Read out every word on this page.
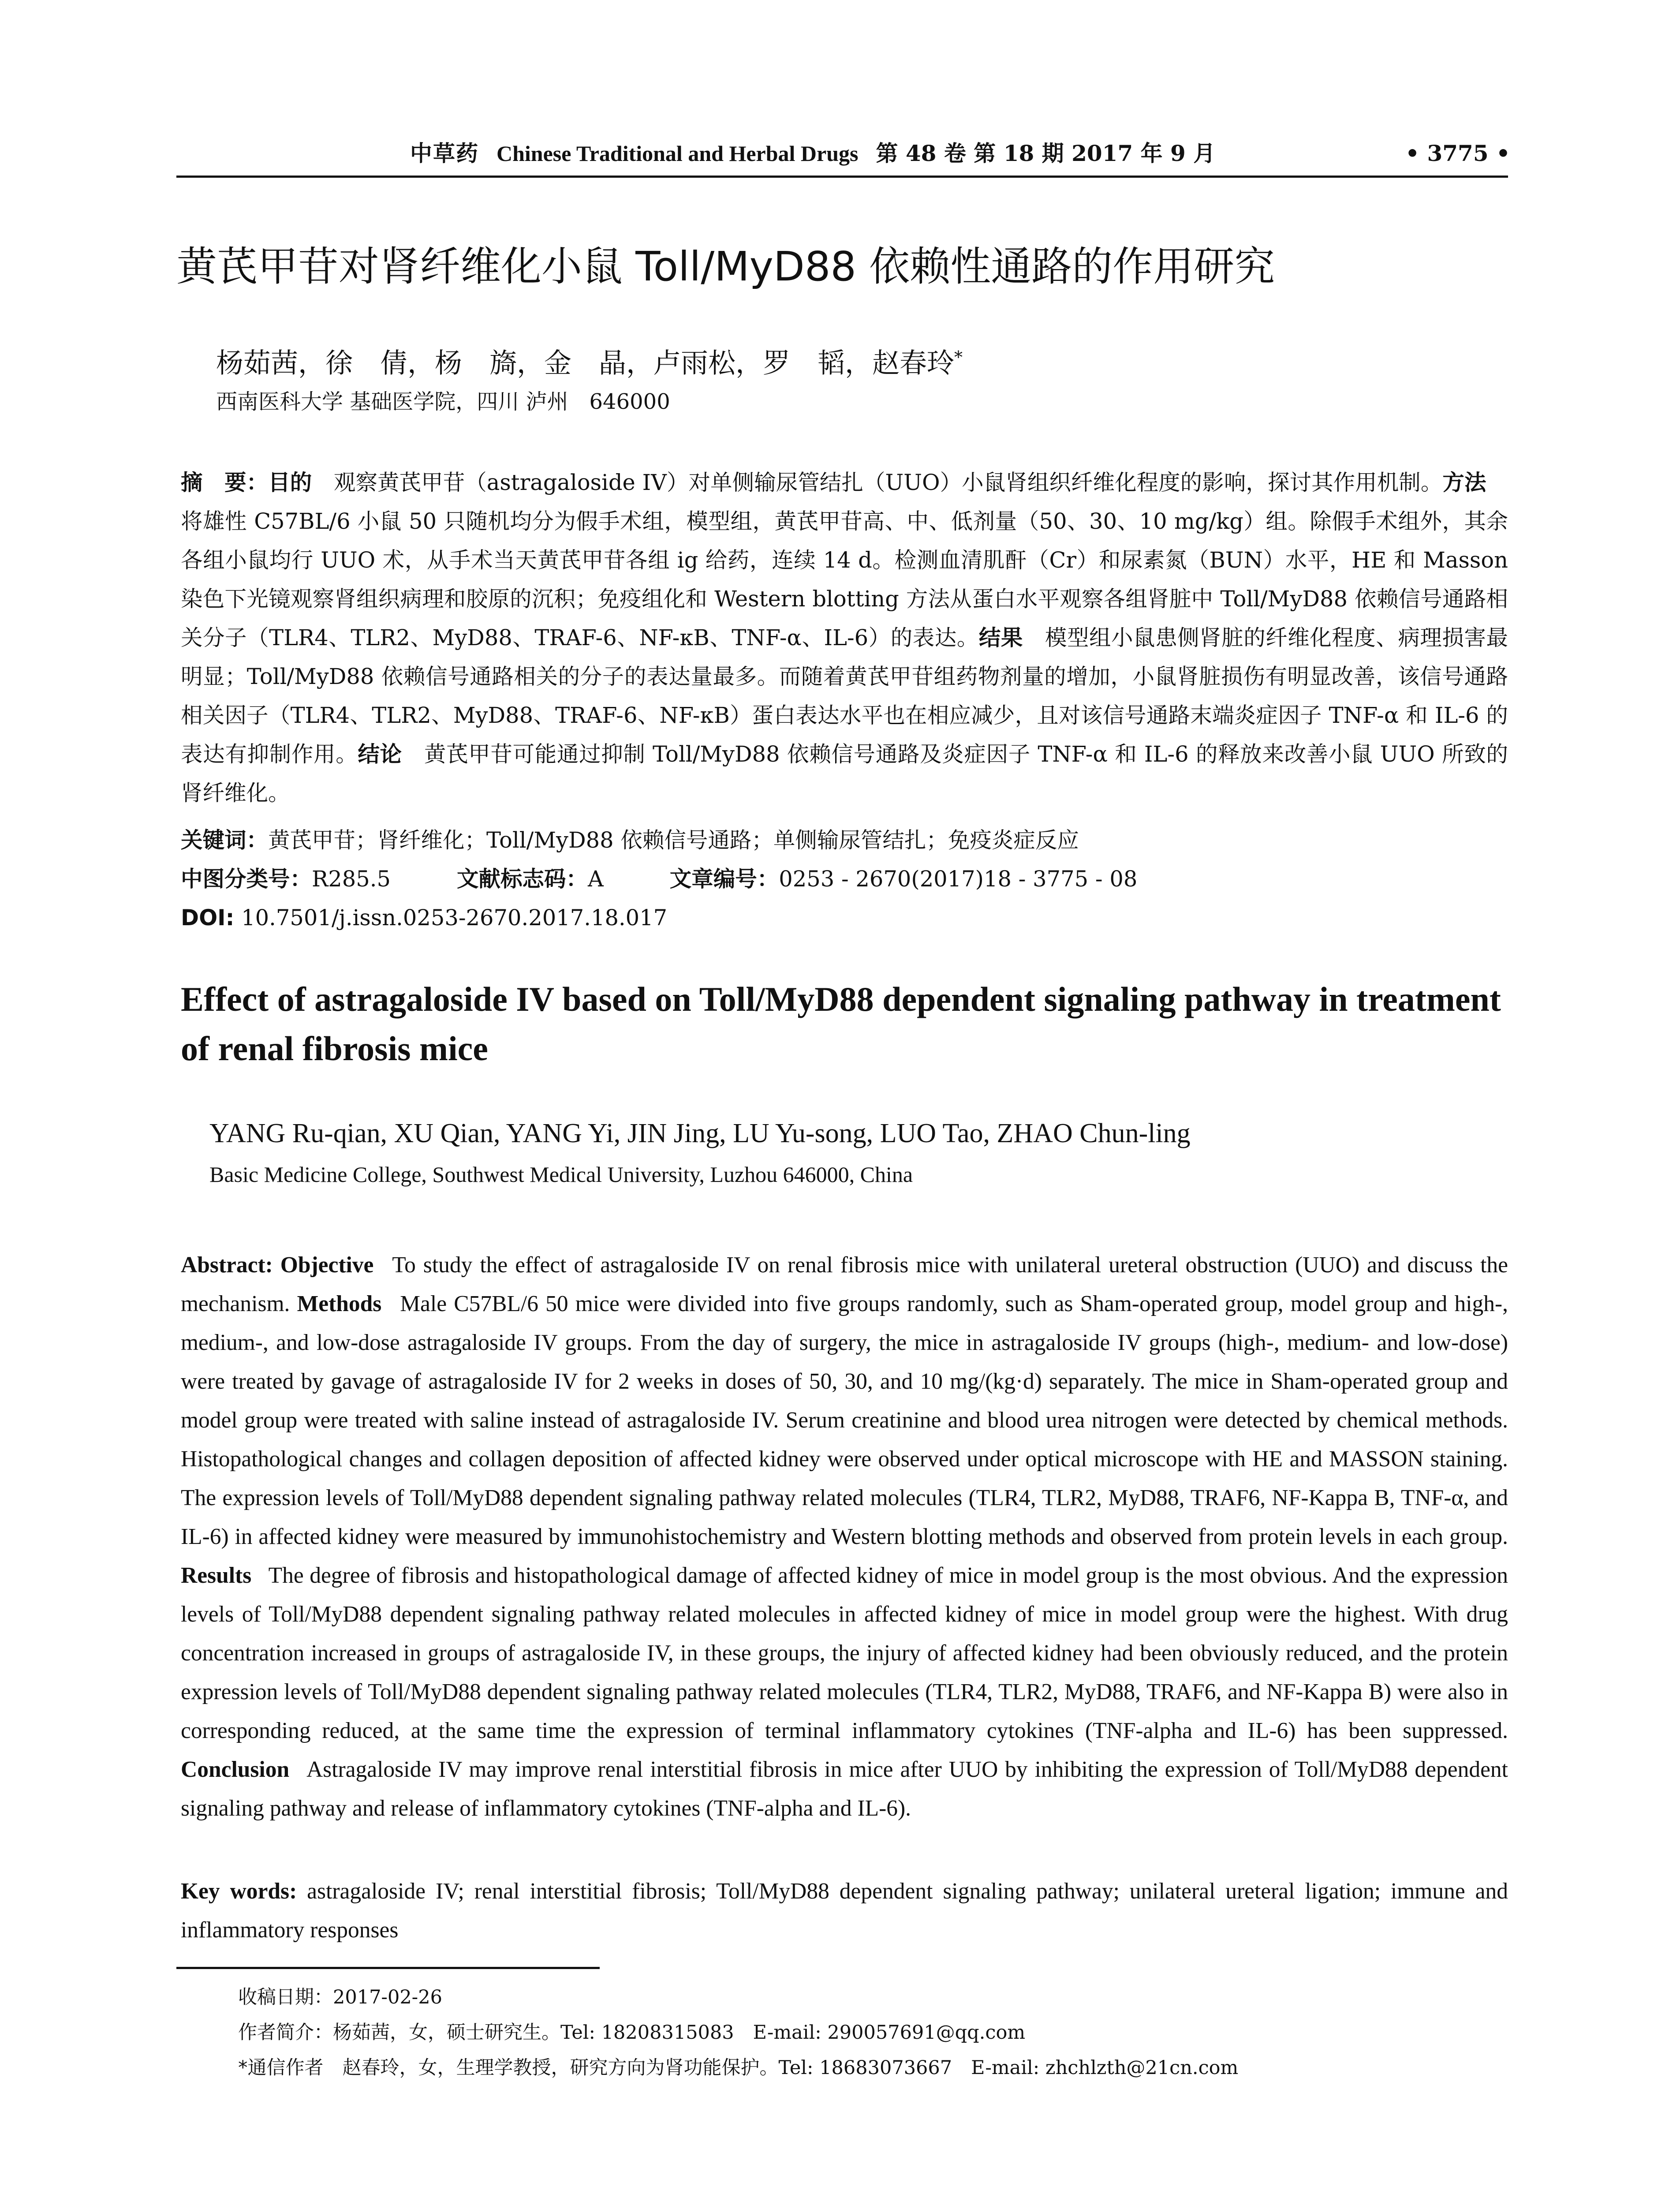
中草药 Chinese Traditional and Herbal Drugs 第 48 卷 第 18 期 2017 年 9 月	• 3775 •
黄芪甲苷对肾纤维化小鼠 Toll/MyD88 依赖性通路的作用研究
杨茹茜，徐　倩，杨　旖，金　晶，卢雨松，罗　韬，赵春玲*
西南医科大学 基础医学院，四川 泸州　646000
摘　要：目的  观察黄芪甲苷（astragaloside IV）对单侧输尿管结扎（UUO）小鼠肾组织纤维化程度的影响，探讨其作用机制。方法 将雄性 C57BL/6 小鼠 50 只随机均分为假手术组，模型组，黄芪甲苷高、中、低剂量（50、30、10 mg/kg）组。除假手术组外，其余各组小鼠均行 UUO 术，从手术当天黄芪甲苷各组 ig 给药，连续 14 d。检测血清肌酐（Cr）和尿素氮（BUN）水平，HE 和 Masson 染色下光镜观察肾组织病理和胶原的沉积；免疫组化和 Western blotting 方法从蛋白水平观察各组肾脏中 Toll/MyD88 依赖信号通路相关分子（TLR4、TLR2、MyD88、TRAF-6、NF-κB、TNF-α、IL-6）的表达。结果  模型组小鼠患侧肾脏的纤维化程度、病理损害最明显；Toll/MyD88 依赖信号通路相关的分子的表达量最多。而随着黄芪甲苷组药物剂量的增加，小鼠肾脏损伤有明显改善，该信号通路相关因子（TLR4、TLR2、MyD88、TRAF-6、NF-κB）蛋白表达水平也在相应减少，且对该信号通路末端炎症因子 TNF-α 和 IL-6 的表达有抑制作用。结论  黄芪甲苷可能通过抑制 Toll/MyD88 依赖信号通路及炎症因子 TNF-α 和 IL-6 的释放来改善小鼠 UUO 所致的肾纤维化。
关键词：黄芪甲苷；肾纤维化；Toll/MyD88 依赖信号通路；单侧输尿管结扎；免疫炎症反应
中图分类号：R285.5	文献标志码：A	文章编号：0253 - 2670(2017)18 - 3775 - 08
DOI: 10.7501/j.issn.0253-2670.2017.18.017
Effect of astragaloside IV based on Toll/MyD88 dependent signaling pathway in treatment of renal fibrosis mice
YANG Ru-qian, XU Qian, YANG Yi, JIN Jing, LU Yu-song, LUO Tao, ZHAO Chun-ling
Basic Medicine College, Southwest Medical University, Luzhou 646000, China
Abstract: Objective  To study the effect of astragaloside IV on renal fibrosis mice with unilateral ureteral obstruction (UUO) and discuss the mechanism. Methods  Male C57BL/6 50 mice were divided into five groups randomly, such as Sham-operated group, model group and high-, medium-, and low-dose astragaloside IV groups. From the day of surgery, the mice in astragaloside IV groups (high-, medium- and low-dose) were treated by gavage of astragaloside IV for 2 weeks in doses of 50, 30, and 10 mg/(kg·d) separately. The mice in Sham-operated group and model group were treated with saline instead of astragaloside IV. Serum creatinine and blood urea nitrogen were detected by chemical methods. Histopathological changes and collagen deposition of affected kidney were observed under optical microscope with HE and MASSON staining. The expression levels of Toll/MyD88 dependent signaling pathway related molecules (TLR4, TLR2, MyD88, TRAF6, NF-Kappa B, TNF-α, and IL-6) in affected kidney were measured by immunohistochemistry and Western blotting methods and observed from protein levels in each group. Results  The degree of fibrosis and histopathological damage of affected kidney of mice in model group is the most obvious. And the expression levels of Toll/MyD88 dependent signaling pathway related molecules in affected kidney of mice in model group were the highest. With drug concentration increased in groups of astragaloside IV, in these groups, the injury of affected kidney had been obviously reduced, and the protein expression levels of Toll/MyD88 dependent signaling pathway related molecules (TLR4, TLR2, MyD88, TRAF6, and NF-Kappa B) were also in corresponding reduced, at the same time the expression of terminal inflammatory cytokines (TNF-alpha and IL-6) has been suppressed. Conclusion  Astragaloside IV may improve renal interstitial fibrosis in mice after UUO by inhibiting the expression of Toll/MyD88 dependent signaling pathway and release of inflammatory cytokines (TNF-alpha and IL-6).
Key words: astragaloside IV; renal interstitial fibrosis; Toll/MyD88 dependent signaling pathway; unilateral ureteral ligation; immune and inflammatory responses
收稿日期：2017-02-26
作者简介：杨茹茜，女，硕士研究生。Tel: 18208315083　E-mail: 290057691@qq.com
*通信作者  赵春玲，女，生理学教授，研究方向为肾功能保护。Tel: 18683073667　E-mail: zhchlzth@21cn.com
